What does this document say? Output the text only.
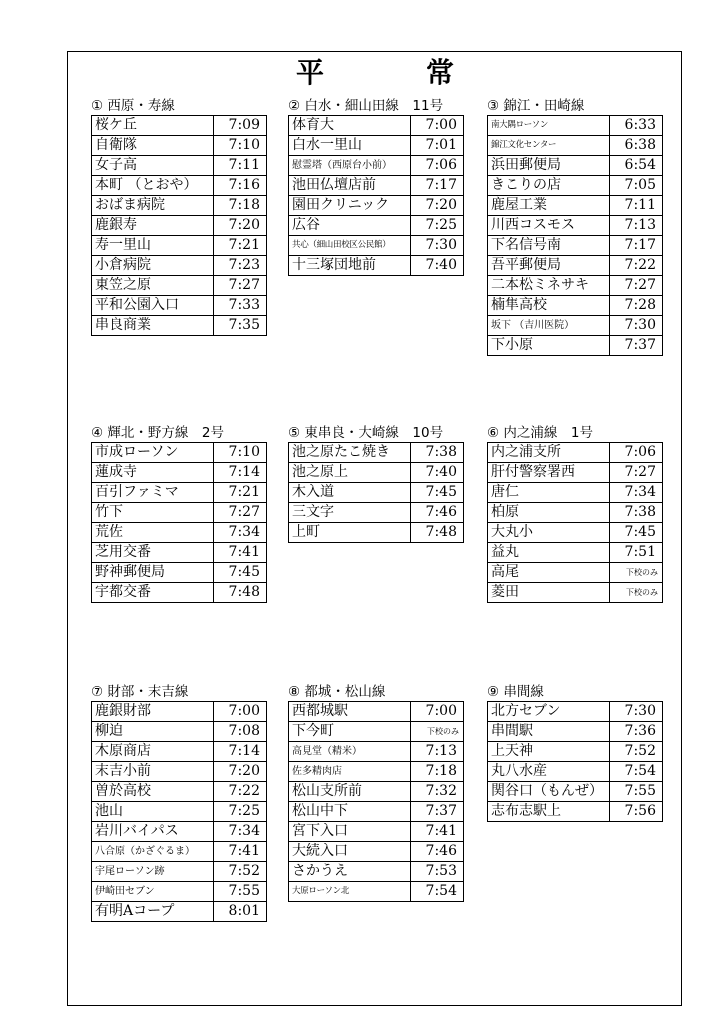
平	常
① 西原・寿線
桜ケ丘	7:09
自衛隊	7:10
女子高	7:11
本町 （とおや）	7:16
おばま病院	7:18
鹿銀寿	7:20
寿一里山	7:21
小倉病院	7:23
東笠之原	7:27
平和公園入口	7:33
串良商業	7:35
② 白水・細山田線　11号
体育大	7:00
白水一里山	7:01
慰霊塔（西原台小前）	7:06
池田仏壇店前	7:17
園田クリニック	7:20
広谷	7:25
共心（細山田校区公民館）	7:30
十三塚団地前	7:40
③ 錦江・田崎線
南大隅ローソン	6:33
錦江文化センター	6:38
浜田郵便局	6:54
きこりの店	7:05
鹿屋工業	7:11
川西コスモス	7:13
下名信号南	7:17
吾平郵便局	7:22
二本松ミネサキ	7:27
楠隼高校	7:28
坂下 （吉川医院）	7:30
下小原	7:37
④ 輝北・野方線　2号
市成ローソン	7:10
蓮成寺	7:14
百引ファミマ	7:21
竹下	7:27
荒佐	7:34
芝用交番	7:41
野神郵便局	7:45
宇都交番	7:48
⑤ 東串良・大崎線　10号
池之原たこ焼き	7:38
池之原上	7:40
木入道	7:45
三文字	7:46
上町	7:48
⑥ 内之浦線　1号
内之浦支所	7:06
肝付警察署西	7:27
唐仁	7:34
柏原	7:38
大丸小	7:45
益丸	7:51
高尾	下校のみ
菱田	下校のみ
⑦ 財部・末吉線
鹿銀財部	7:00
柳迫	7:08
木原商店	7:14
末吉小前	7:20
曽於高校	7:22
池山	7:25
岩川バイパス	7:34
八合原（かざぐるま）	7:41
宇尾ローソン跡	7:52
伊崎田セブン	7:55
有明Aコープ	8:01
⑧ 都城・松山線
西都城駅	7:00
下今町	下校のみ
高見堂（精米）	7:13
佐多精肉店	7:18
松山支所前	7:32
松山中下	7:37
宮下入口	7:41
大続入口	7:46
さかうえ	7:53
大原ローソン北	7:54
⑨ 串間線
北方セブン	7:30
串間駅	7:36
上天神	7:52
丸八水産	7:54
関谷口（もんぜ）	7:55
志布志駅上	7:56
